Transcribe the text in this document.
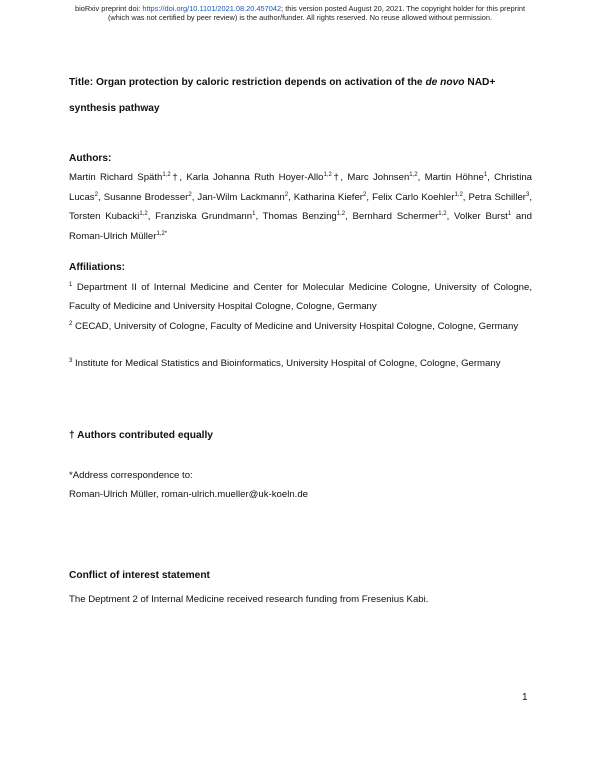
bioRxiv preprint doi: https://doi.org/10.1101/2021.08.20.457042; this version posted August 20, 2021. The copyright holder for this preprint
(which was not certified by peer review) is the author/funder. All rights reserved. No reuse allowed without permission.
Title: Organ protection by caloric restriction depends on activation of the de novo NAD+ synthesis pathway
Authors:
Martin Richard Späth$^{1,2}$†, Karla Johanna Ruth Hoyer-Allo$^{1,2}$†, Marc Johnsen$^{1,2}$, Martin Höhne$^1$, Christina Lucas$^2$, Susanne Brodesser$^2$, Jan-Wilm Lackmann$^2$, Katharina Kiefer$^2$, Felix Carlo Koehler$^{1,2}$, Petra Schiller$^3$, Torsten Kubacki$^{1,2}$, Franziska Grundmann$^1$, Thomas Benzing$^{1,2}$, Bernhard Schermer$^{1,2}$, Volker Burst$^1$ and Roman-Ulrich Müller$^{1,2*}$
Affiliations:
$^1$ Department II of Internal Medicine and Center for Molecular Medicine Cologne, University of Cologne, Faculty of Medicine and University Hospital Cologne, Cologne, Germany
$^2$ CECAD, University of Cologne, Faculty of Medicine and University Hospital Cologne, Cologne, Germany
$^3$ Institute for Medical Statistics and Bioinformatics, University Hospital of Cologne, Cologne, Germany
† Authors contributed equally
*Address correspondence to:
Roman-Ulrich Müller, roman-ulrich.mueller@uk-koeln.de
Conflict of interest statement
The Deptment 2 of Internal Medicine received research funding from Fresenius Kabi.
1
